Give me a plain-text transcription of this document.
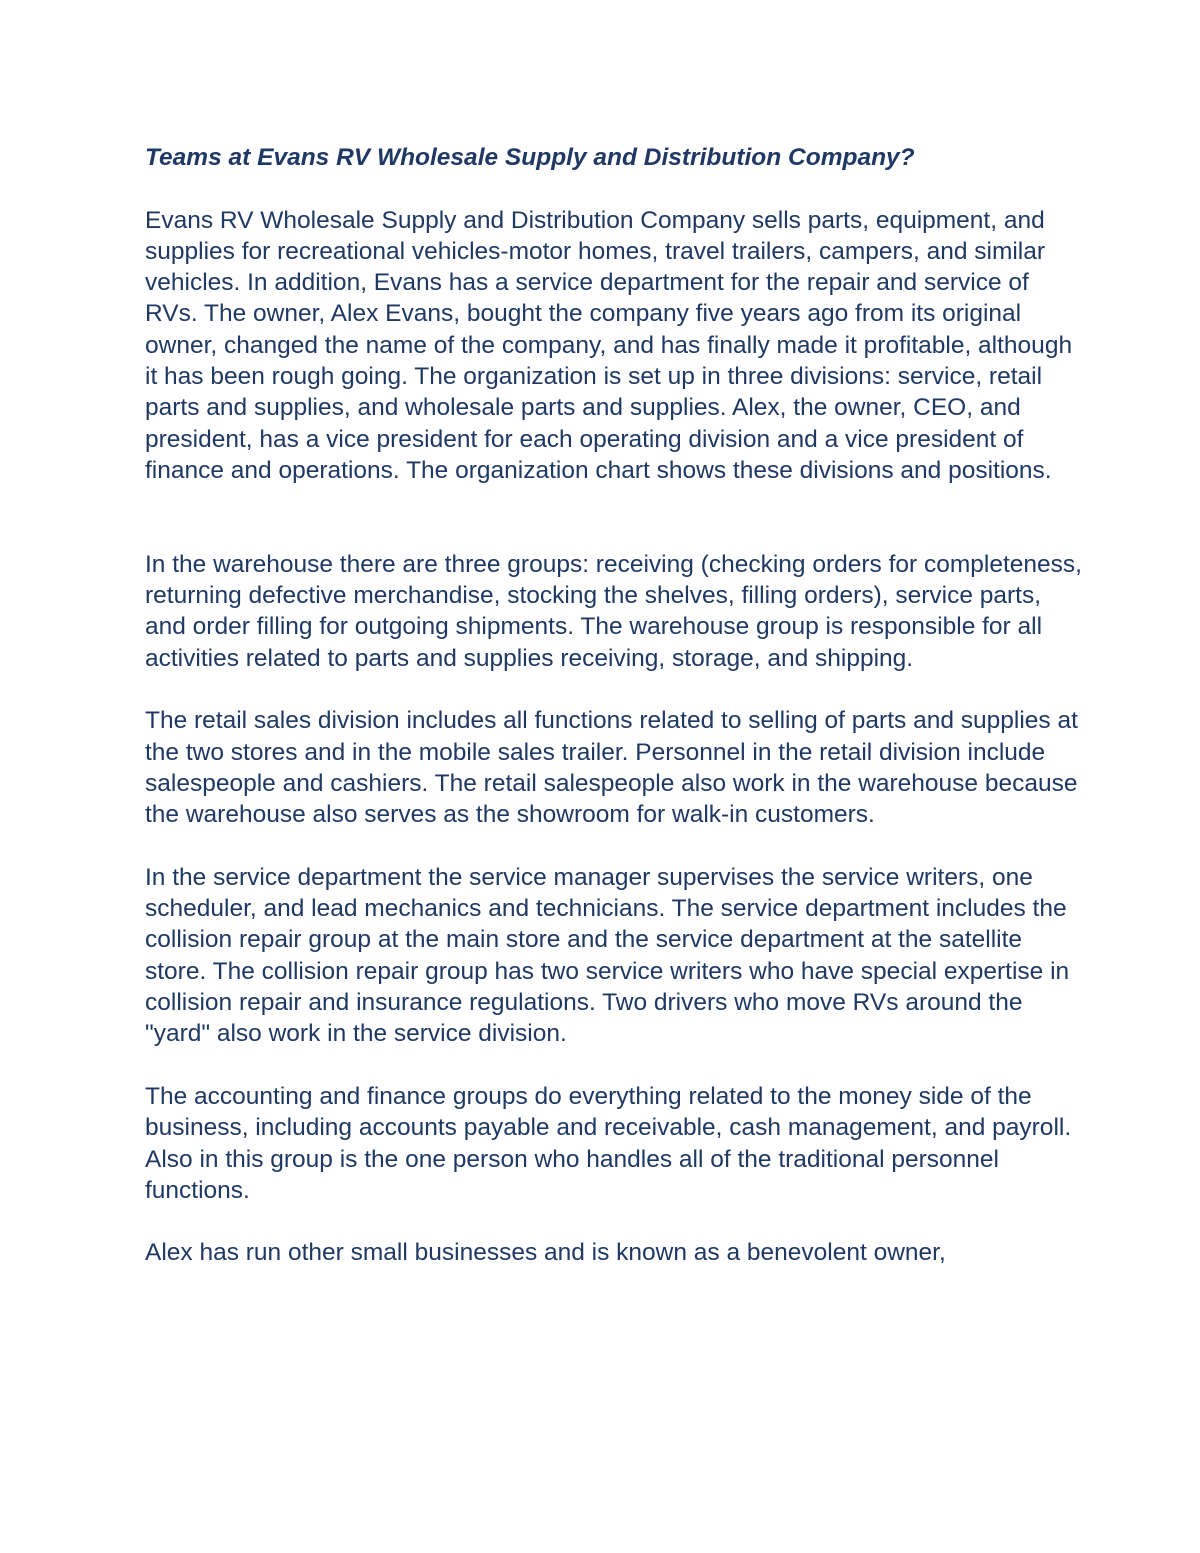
Teams at Evans RV Wholesale Supply and Distribution Company?

Evans RV Wholesale Supply and Distribution Company sells parts, equipment, and supplies for recreational vehicles-motor homes, travel trailers, campers, and similar vehicles. In addition, Evans has a service department for the repair and service of RVs. The owner, Alex Evans, bought the company five years ago from its original owner, changed the name of the company, and has finally made it profitable, although it has been rough going. The organization is set up in three divisions: service, retail parts and supplies, and wholesale parts and supplies. Alex, the owner, CEO, and president, has a vice president for each operating division and a vice president of finance and operations. The organization chart shows these divisions and positions.

In the warehouse there are three groups: receiving (checking orders for completeness, returning defective merchandise, stocking the shelves, filling orders), service parts, and order filling for outgoing shipments. The warehouse group is responsible for all activities related to parts and supplies receiving, storage, and shipping.

The retail sales division includes all functions related to selling of parts and supplies at the two stores and in the mobile sales trailer. Personnel in the retail division include salespeople and cashiers. The retail salespeople also work in the warehouse because the warehouse also serves as the showroom for walk-in customers.

In the service department the service manager supervises the service writers, one scheduler, and lead mechanics and technicians. The service department includes the collision repair group at the main store and the service department at the satellite store. The collision repair group has two service writers who have special expertise in collision repair and insurance regulations. Two drivers who move RVs around the "yard" also work in the service division.

The accounting and finance groups do everything related to the money side of the business, including accounts payable and receivable, cash management, and payroll. Also in this group is the one person who handles all of the traditional personnel functions.

Alex has run other small businesses and is known as a benevolent owner,
